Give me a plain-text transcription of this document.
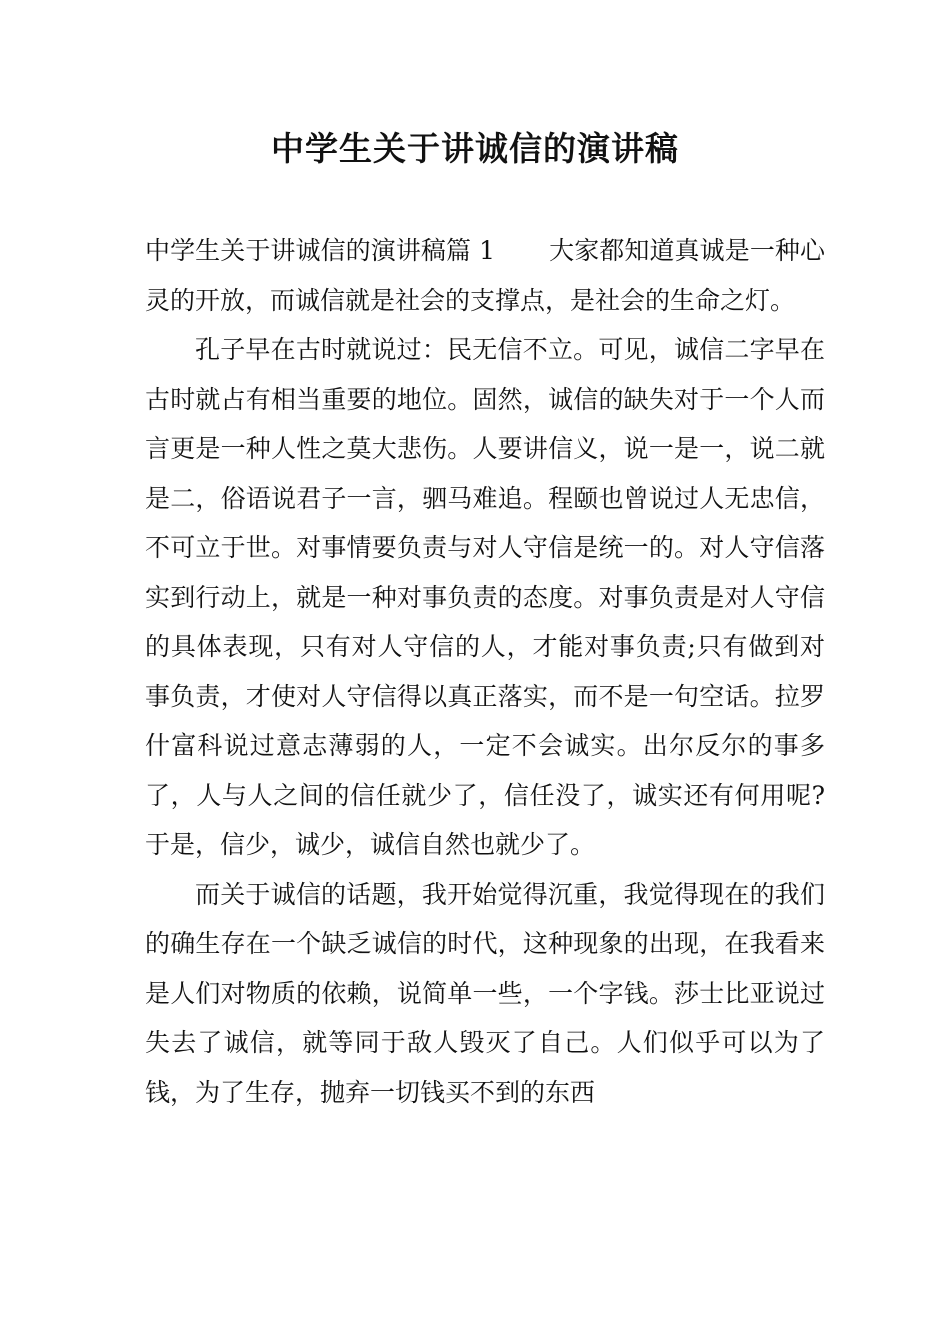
中学生关于讲诚信的演讲稿

中学生关于讲诚信的演讲稿篇 1 大家都知道真诚是一种心灵的开放，而诚信就是社会的支撑点，是社会的生命之灯。

孔子早在古时就说过：民无信不立。可见，诚信二字早在古时就占有相当重要的地位。固然，诚信的缺失对于一个人而言更是一种人性之莫大悲伤。人要讲信义，说一是一，说二就是二，俗语说君子一言，驷马难追。程颐也曾说过人无忠信，不可立于世。对事情要负责与对人守信是统一的。对人守信落实到行动上，就是一种对事负责的态度。对事负责是对人守信的具体表现，只有对人守信的人，才能对事负责;只有做到对事负责，才使对人守信得以真正落实，而不是一句空话。拉罗什富科说过意志薄弱的人，一定不会诚实。出尔反尔的事多了，人与人之间的信任就少了，信任没了，诚实还有何用呢?于是，信少，诚少，诚信自然也就少了。

而关于诚信的话题，我开始觉得沉重，我觉得现在的我们的确生存在一个缺乏诚信的时代，这种现象的出现，在我看来是人们对物质的依赖，说简单一些，一个字钱。莎士比亚说过失去了诚信，就等同于敌人毁灭了自己。人们似乎可以为了钱，为了生存，抛弃一切钱买不到的东西
